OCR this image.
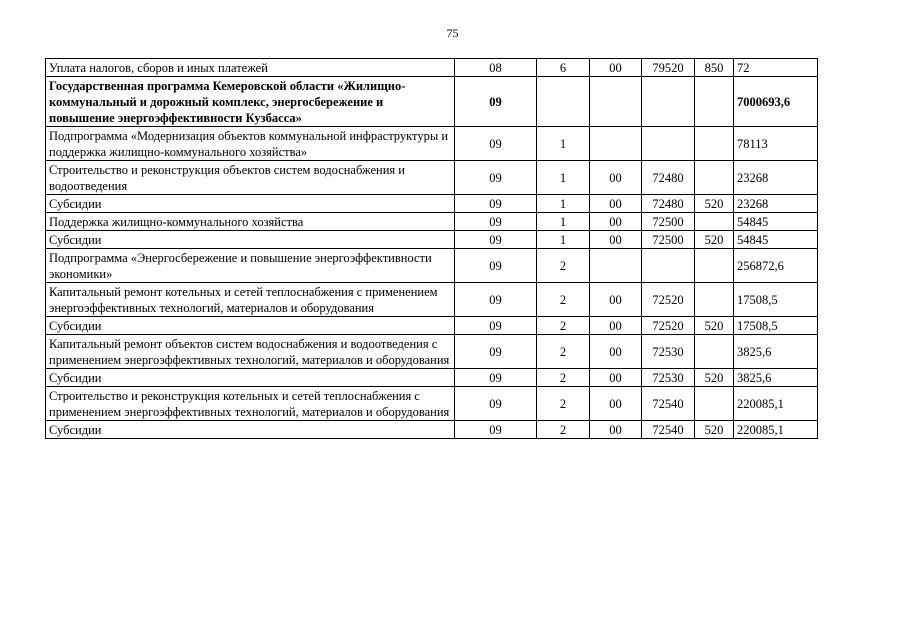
75
Уплата налогов, сборов и иных платежей	08	6	00	79520	850	72
Государственная программа Кемеровской области «Жилищно-коммунальный и дорожный комплекс, энергосбережение и повышение энергоэффективности Кузбасса»	09					7000693,6
Подпрограмма «Модернизация объектов коммунальной инфраструктуры и поддержка жилищно-коммунального хозяйства»	09	1				78113
Строительство и реконструкция объектов систем водоснабжения и водоотведения	09	1	00	72480		23268
Субсидии	09	1	00	72480	520	23268
Поддержка жилищно-коммунального хозяйства	09	1	00	72500		54845
Субсидии	09	1	00	72500	520	54845
Подпрограмма «Энергосбережение и повышение энергоэффективности экономики»	09	2				256872,6
Капитальный ремонт котельных и сетей теплоснабжения с применением энергоэффективных технологий, материалов и оборудования	09	2	00	72520		17508,5
Субсидии	09	2	00	72520	520	17508,5
Капитальный ремонт объектов систем водоснабжения и водоотведения с применением энергоэффективных технологий, материалов и оборудования	09	2	00	72530		3825,6
Субсидии	09	2	00	72530	520	3825,6
Строительство и реконструкция котельных и сетей теплоснабжения с применением энергоэффективных технологий, материалов и оборудования	09	2	00	72540		220085,1
Субсидии	09	2	00	72540	520	220085,1
